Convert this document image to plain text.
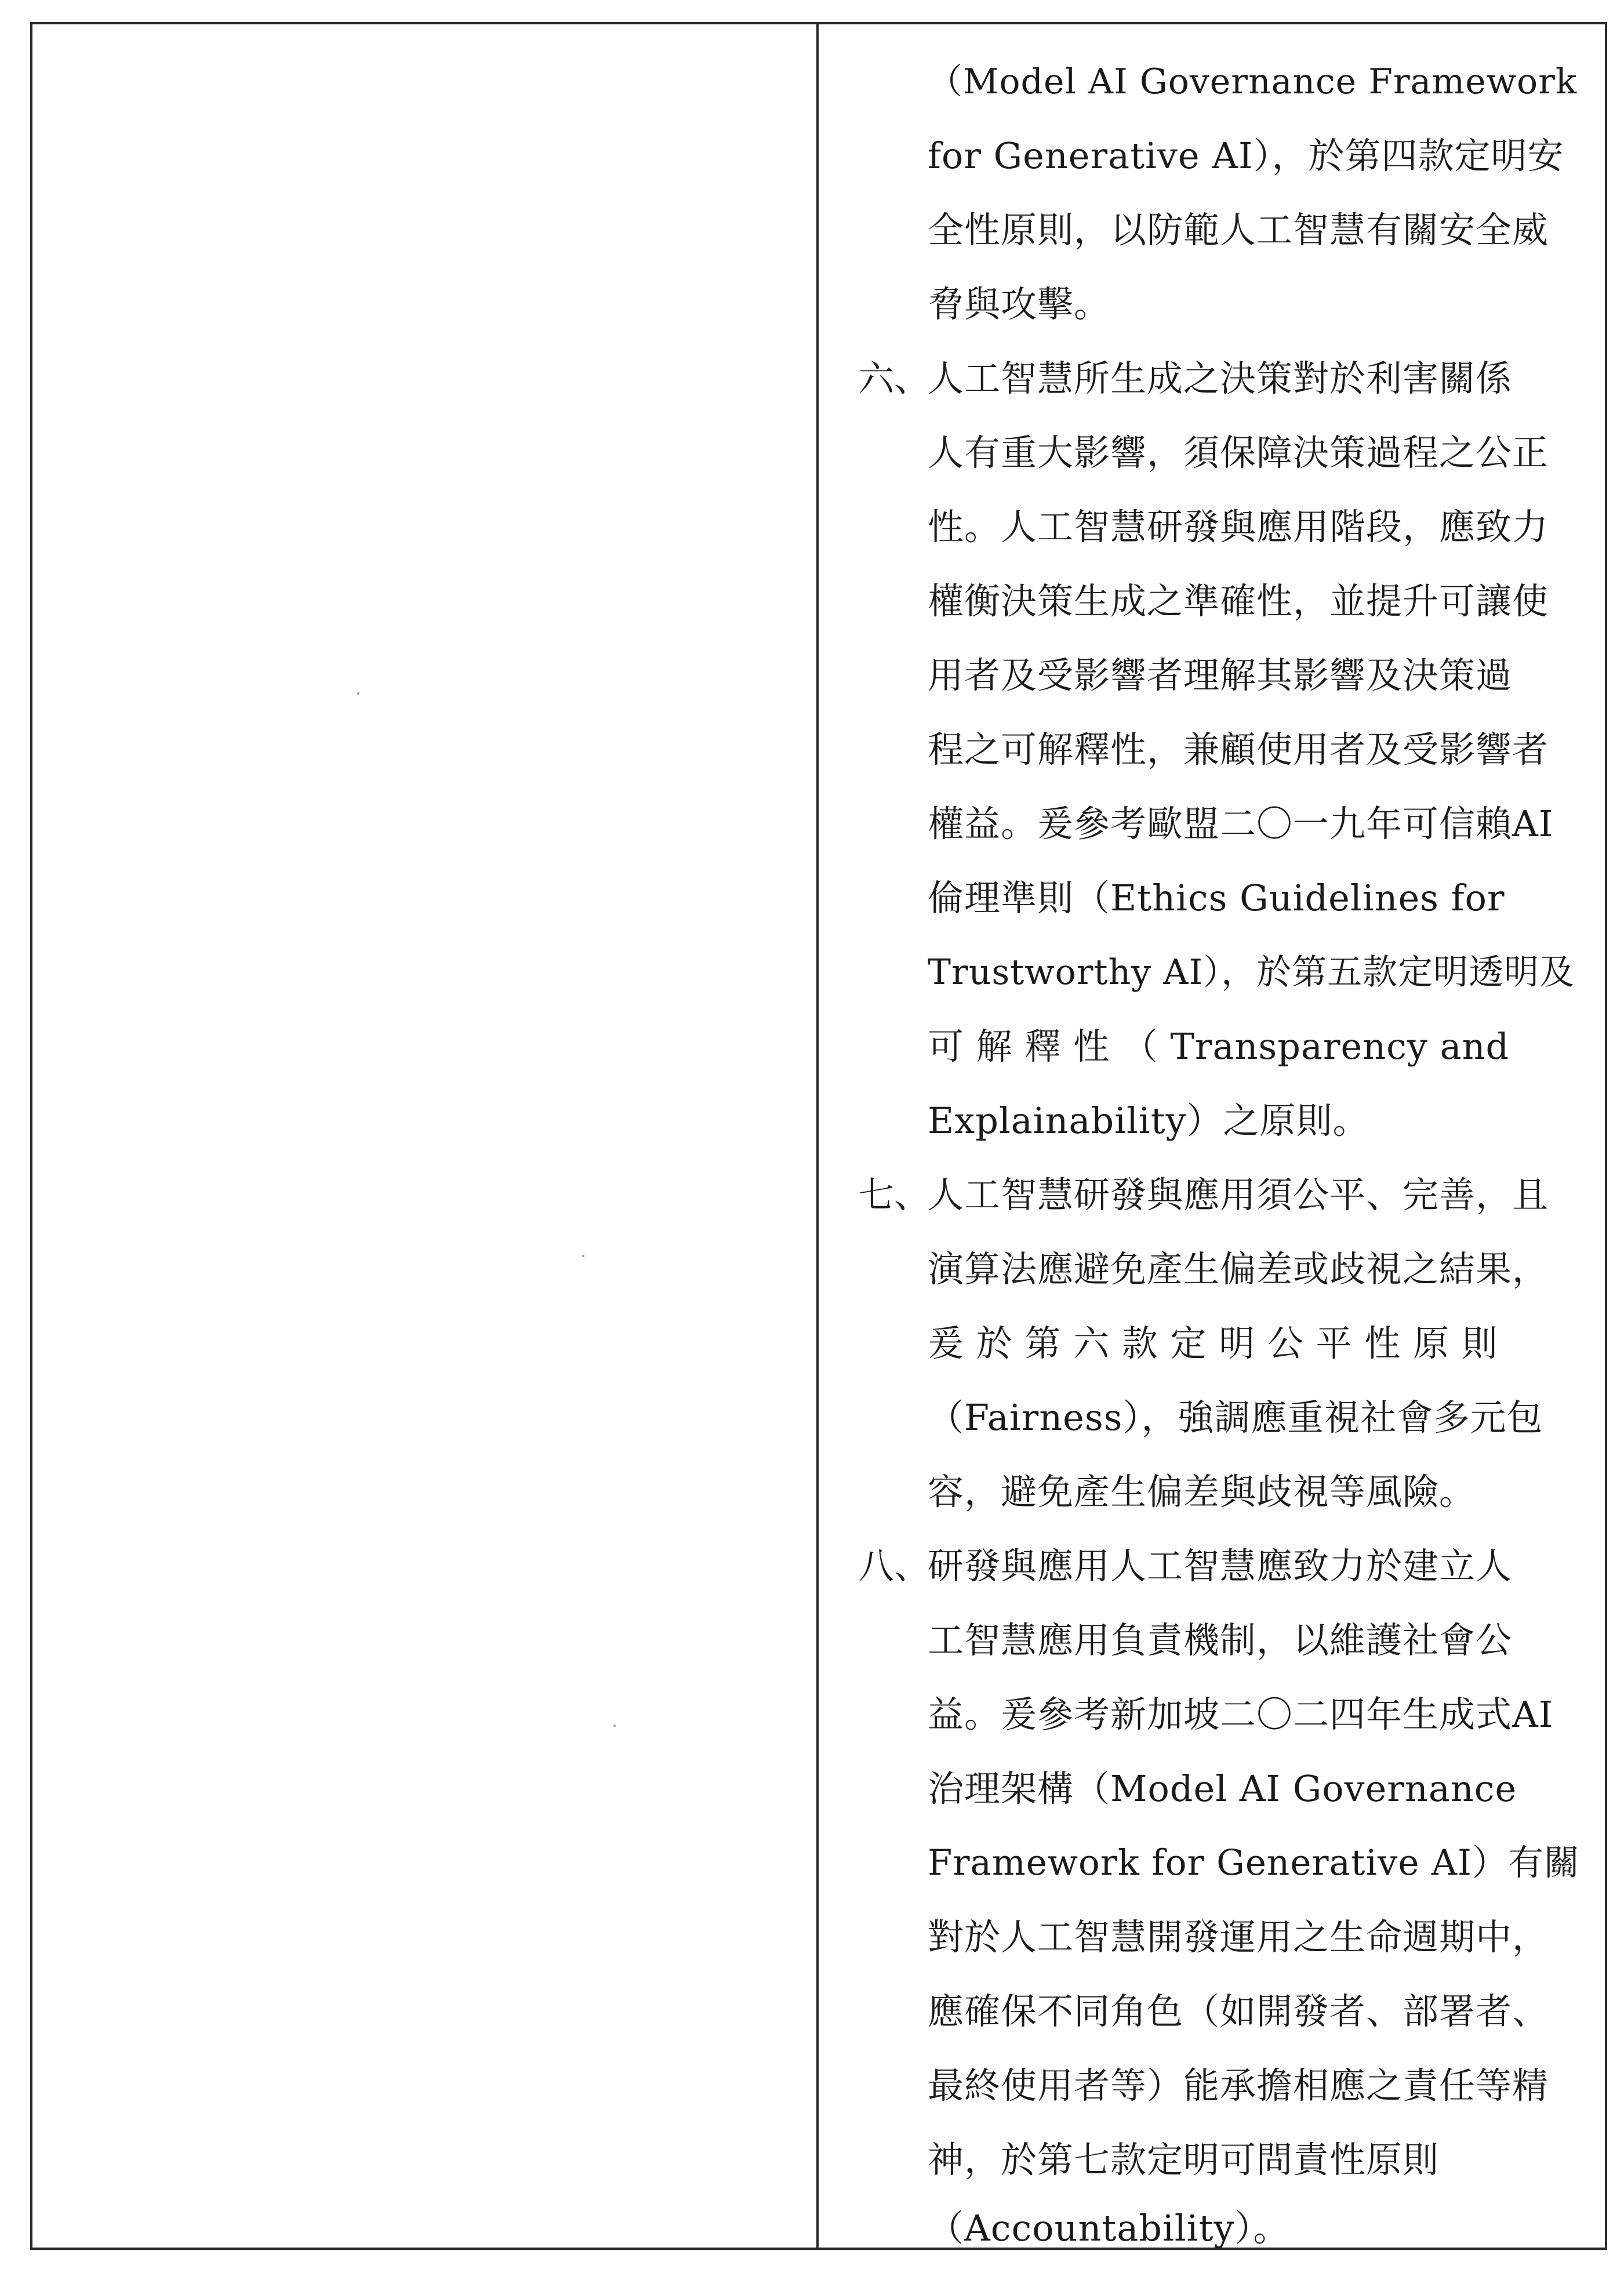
（Model AI Governance Framework
for Generative AI），於第四款定明安
全性原則，以防範人工智慧有關安全威
脅與攻擊。
六、
人工智慧所生成之決策對於利害關係
人有重大影響，須保障決策過程之公正
性。人工智慧研發與應用階段，應致力
權衡決策生成之準確性，並提升可讓使
用者及受影響者理解其影響及決策過
程之可解釋性，兼顧使用者及受影響者
權益。爰參考歐盟二〇一九年可信賴AI
倫理準則（Ethics Guidelines for
Trustworthy AI），於第五款定明透明及
可 解 釋 性 （ Transparency and
Explainability）之原則。
七、
人工智慧研發與應用須公平、完善，且
演算法應避免產生偏差或歧視之結果，
爰 於 第 六 款 定 明 公 平 性 原 則
（Fairness），強調應重視社會多元包
容，避免產生偏差與歧視等風險。
八、
研發與應用人工智慧應致力於建立人
工智慧應用負責機制，以維護社會公
益。爰參考新加坡二〇二四年生成式AI
治理架構（Model AI Governance
Framework for Generative AI）有關
對於人工智慧開發運用之生命週期中，
應確保不同角色（如開發者、部署者、
最終使用者等）能承擔相應之責任等精
神，於第七款定明可問責性原則
（Accountability）。
